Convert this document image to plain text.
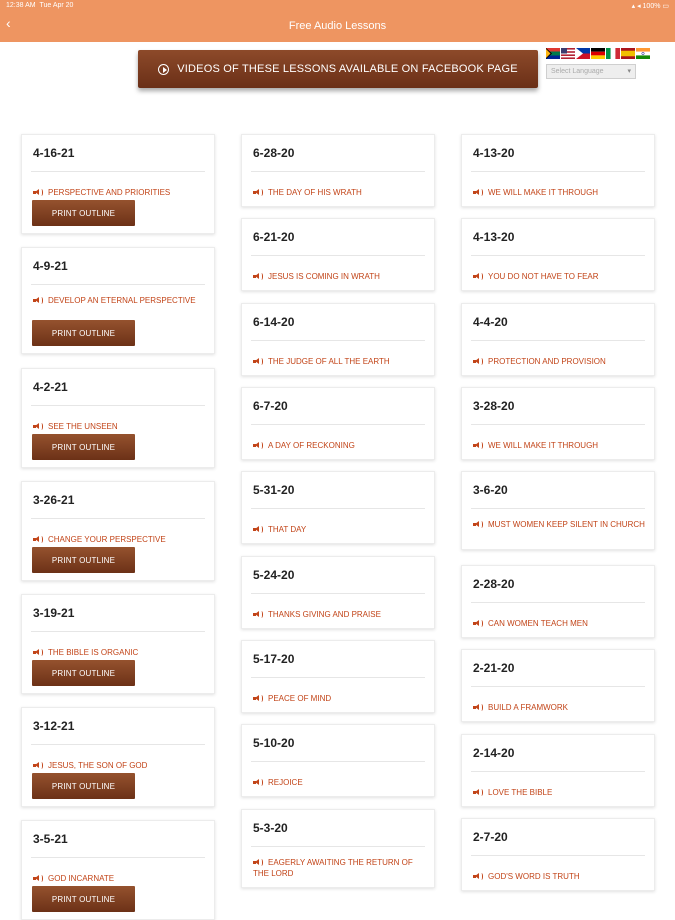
12:38 AM Tue Apr 20	▴ ◂ 100% ▭
‹	Free Audio Lessons
VIDEOS OF THESE LESSONS AVAILABLE ON FACEBOOK PAGE	Select Language	▾
4-16-21
PERSPECTIVE AND PRIORITIES
PRINT OUTLINE
4-9-21
DEVELOP AN ETERNAL PERSPECTIVE
PRINT OUTLINE
4-2-21
SEE THE UNSEEN
PRINT OUTLINE
3-26-21
CHANGE YOUR PERSPECTIVE
PRINT OUTLINE
3-19-21
THE BIBLE IS ORGANIC
PRINT OUTLINE
3-12-21
JESUS, THE SON OF GOD
PRINT OUTLINE
3-5-21
GOD INCARNATE
PRINT OUTLINE
6-28-20
THE DAY OF HIS WRATH
6-21-20
JESUS IS COMING IN WRATH
6-14-20
THE JUDGE OF ALL THE EARTH
6-7-20
A DAY OF RECKONING
5-31-20
THAT DAY
5-24-20
THANKS GIVING AND PRAISE
5-17-20
PEACE OF MIND
5-10-20
REJOICE
5-3-20
EAGERLY AWAITING THE RETURN OF THE LORD
4-13-20
WE WILL MAKE IT THROUGH
4-13-20
YOU DO NOT HAVE TO FEAR
4-4-20
PROTECTION AND PROVISION
3-28-20
WE WILL MAKE IT THROUGH
3-6-20
MUST WOMEN KEEP SILENT IN CHURCH
2-28-20
CAN WOMEN TEACH MEN
2-21-20
BUILD A FRAMWORK
2-14-20
LOVE THE BIBLE
2-7-20
GOD'S WORD IS TRUTH
